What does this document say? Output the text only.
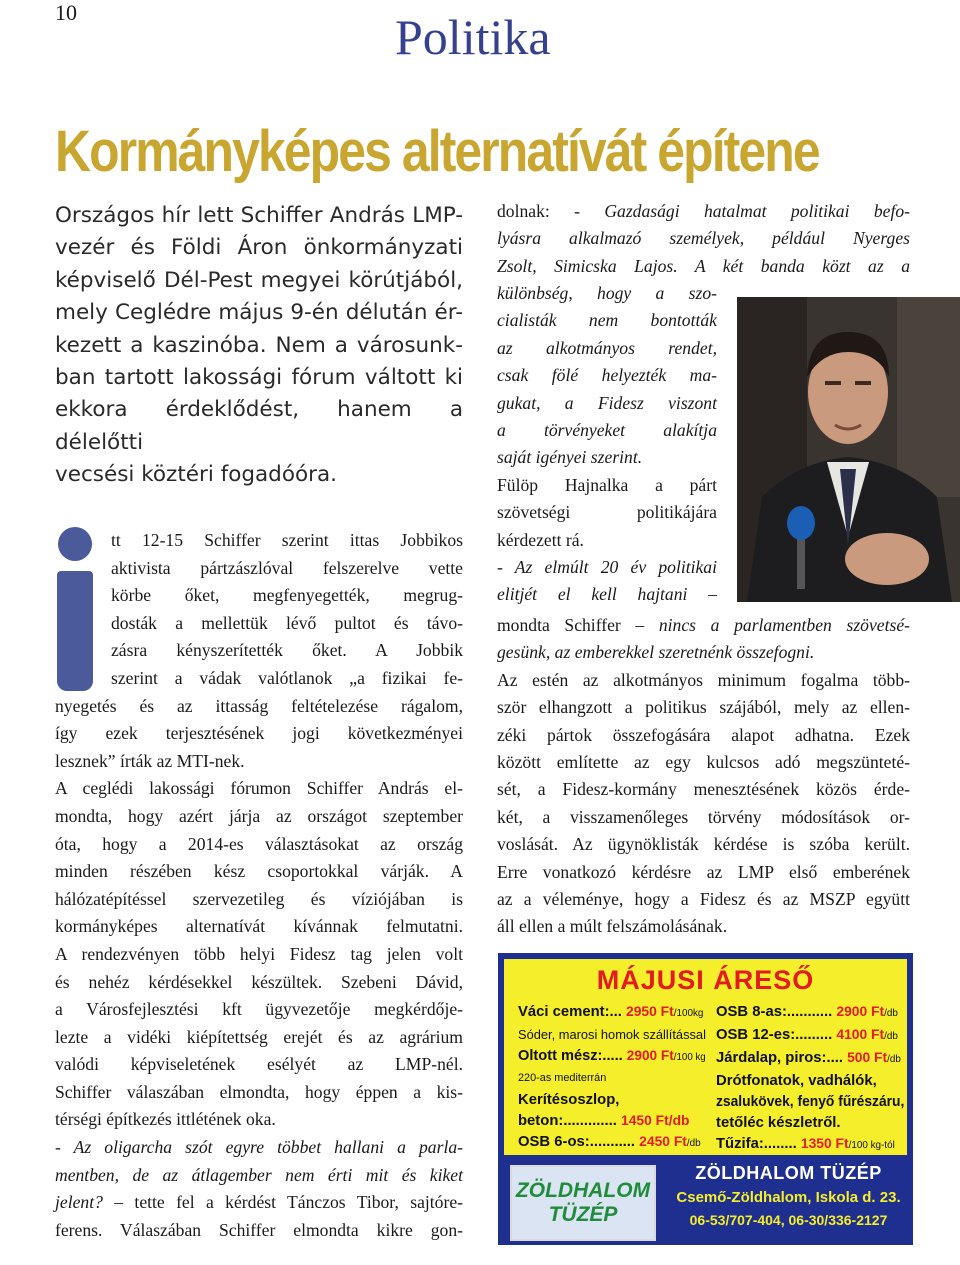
10	Politika
Kormányképes alternatívát építene

Országos hír lett Schiffer András LMP-

vezér és Földi Áron önkormányzati

képviselő Dél-Pest megyei körútjából,

mely Ceglédre május 9-én délután ér-

kezett a kaszinóba. Nem a városunk-

ban tartott lakossági fórum váltott ki

ekkora érdeklődést, hanem a délelőtti

vecsési köztéri fogadóóra.

tt 12-15 Schiffer szerint ittas Jobbikos

aktivista pártzászlóval felszerelve vette

körbe őket, megfenyegették, megrug-

dosták a mellettük lévő pultot és távo-

zásra kényszerítették őket. A Jobbik

szerint a vádak valótlanok „a fizikai fe-

nyegetés és az ittasság feltételezése rágalom,

így ezek terjesztésének jogi következményei

lesznek” írták az MTI-nek.

A ceglédi lakossági fórumon Schiffer András el-

mondta, hogy azért járja az országot szeptember

óta, hogy a 2014-es választásokat az ország

minden részében kész csoportokkal várják. A

hálózatépítéssel szervezetileg és víziójában is

kormányképes alternatívát kívánnak felmutatni.

A rendezvényen több helyi Fidesz tag jelen volt

és nehéz kérdésekkel készültek. Szebeni Dávid,

a Városfejlesztési kft ügyvezetője megkérdője-

lezte a vidéki kiépítettség erejét és az agrárium

valódi képviseletének esélyét az LMP-nél.

Schiffer válaszában elmondta, hogy éppen a kis-

térségi építkezés ittlétének oka.

- Az oligarcha szót egyre többet hallani a parla-

mentben, de az átlagember nem érti mit és kiket

jelent? – tette fel a kérdést Tánczos Tibor, sajtóre-

ferens. Válaszában Schiffer elmondta kikre gon-

dolnak: - Gazdasági hatalmat politikai befo-

lyásra alkalmazó személyek, például Nyerges

Zsolt, Simicska Lajos. A két banda közt az a

különbség, hogy a szo-

cialisták nem bontották

az alkotmányos rendet,

csak fölé helyezték ma-

gukat, a Fidesz viszont

a törvényeket alakítja

saját igényei szerint.

Fülöp Hajnalka a párt

szövetségi politikájára

kérdezett rá.

- Az elmúlt 20 év politikai

elitjét el kell hajtani –

mondta Schiffer – nincs a parlamentben szövetsé-

gesünk, az emberekkel szeretnénk összefogni.

Az estén az alkotmányos minimum fogalma több-

ször elhangzott a politikus szájából, mely az ellen-

zéki pártok összefogására alapot adhatna. Ezek

között említette az egy kulcsos adó megszünteté-

sét, a Fidesz-kormány menesztésének közös érde-

két, a visszamenőleges törvény módosítások or-

voslását. Az ügynöklisták kérdése is szóba került.

Erre vonatkozó kérdésre az LMP első emberének

az a véleménye, hogy a Fidesz és az MSZP együtt

áll ellen a múlt felszámolásának.

MÁJUSI ÁRESŐ
Váci cement:... 2950 Ft/100kg
Sóder, marosi homok szállítással
Oltott mész:..... 2900 Ft/100 kg
220-as mediterrán
Kerítésoszlop,
beton:............. 1450 Ft/db
OSB 6-os:........... 2450 Ft/db
OSB 8-as:........... 2900 Ft/db
OSB 12-es:......... 4100 Ft/db
Járdalap, piros:.... 500 Ft/db
Drótfonatok, vadhálók,
zsalukövek, fenyő fűrészáru,
tetőléc készletről.
Tűzifa:........ 1350 Ft/100 kg-tól
ZÖLDHALOM
TÜZÉP
ZÖLDHALOM TÜZÉP
Csemő-Zöldhalom, Iskola d. 23.
06-53/707-404, 06-30/336-2127
